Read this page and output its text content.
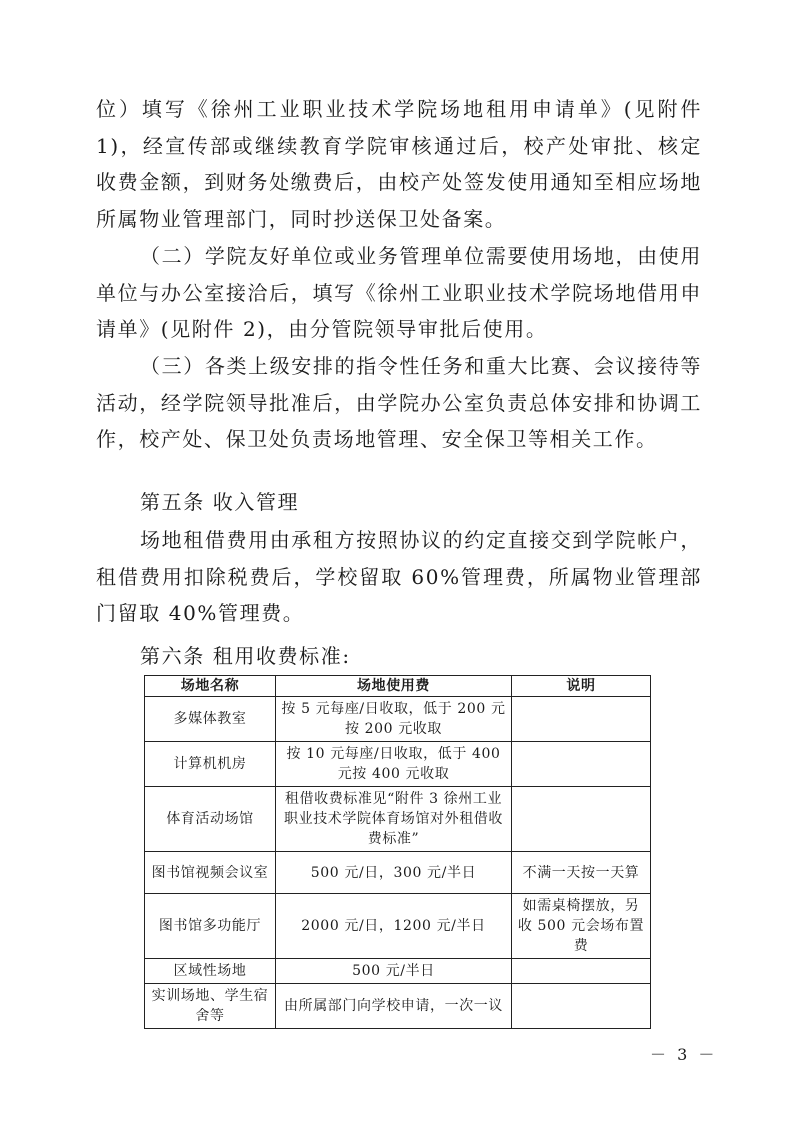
位）填写《徐州工业职业技术学院场地租用申请单》(见附件 1)，经宣传部或继续教育学院审核通过后，校产处审批、核定收费金额，到财务处缴费后，由校产处签发使用通知至相应场地所属物业管理部门，同时抄送保卫处备案。

（二）学院友好单位或业务管理单位需要使用场地，由使用单位与办公室接洽后，填写《徐州工业职业技术学院场地借用申请单》(见附件 2)，由分管院领导审批后使用。

（三）各类上级安排的指令性任务和重大比赛、会议接待等活动，经学院领导批准后，由学院办公室负责总体安排和协调工作，校产处、保卫处负责场地管理、安全保卫等相关工作。

第五条 收入管理

场地租借费用由承租方按照协议的约定直接交到学院帐户，租借费用扣除税费后，学校留取 60%管理费，所属物业管理部门留取 40%管理费。

第六条 租用收费标准:

场地名称	场地使用费	说明
多媒体教室	按 5 元每座/日收取，低于 200 元按 200 元收取	
计算机机房	按 10 元每座/日收取，低于 400 元按 400 元收取	
体育活动场馆	租借收费标准见“附件 3 徐州工业职业技术学院体育场馆对外租借收费标准”	
图书馆视频会议室	500 元/日，300 元/半日	不满一天按一天算
图书馆多功能厅	2000 元/日，1200 元/半日	如需桌椅摆放，另收 500 元会场布置费
区域性场地	500 元/半日	
实训场地、学生宿舍等	由所属部门向学校申请，一次一议	
－ 3 －
